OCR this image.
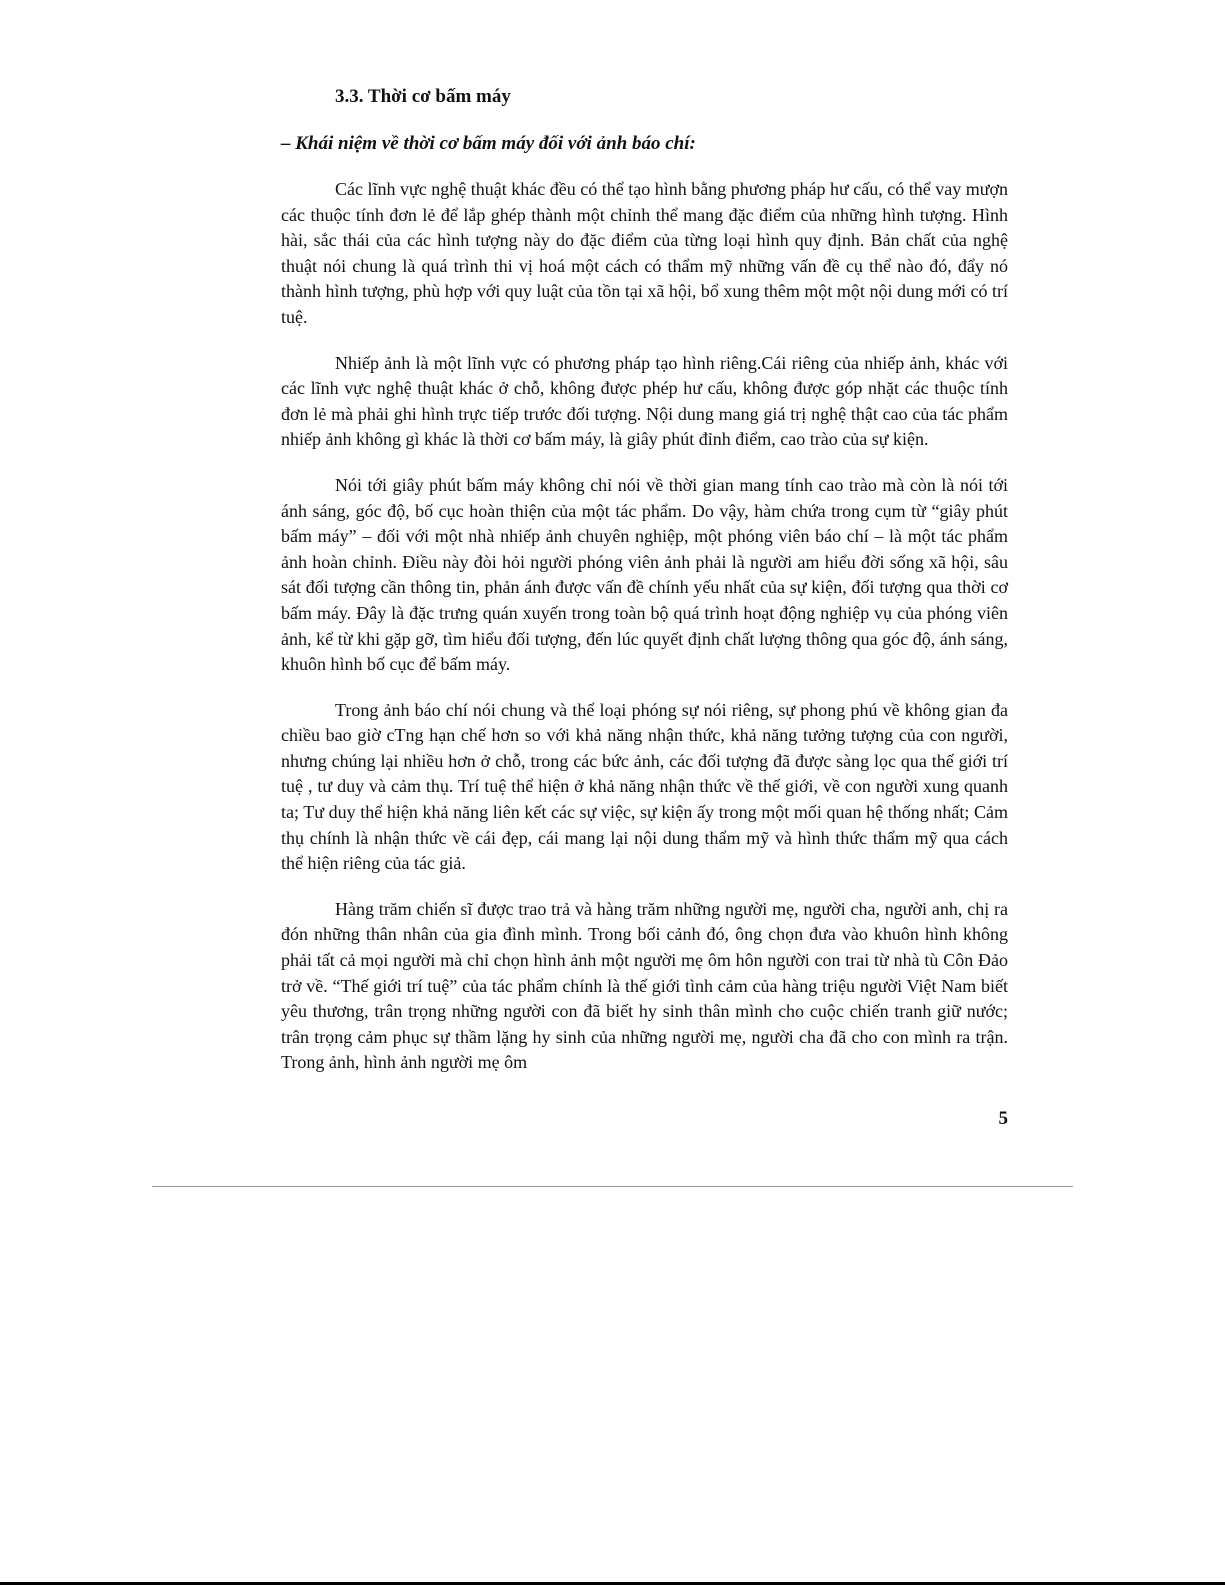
3.3. Thời cơ bấm máy

– Khái niệm về thời cơ bấm máy đối với ảnh báo chí:

Các lĩnh vực nghệ thuật khác đều có thể tạo hình bằng phương pháp hư cấu, có thể vay mượn các thuộc tính đơn lẻ để lắp ghép thành một chỉnh thể mang đặc điểm của những hình tượng. Hình hài, sắc thái của các hình tượng này do đặc điểm của từng loại hình quy định. Bản chất của nghệ thuật nói chung là quá trình thi vị hoá một cách có thẩm mỹ những vấn đề cụ thể nào đó, đẩy nó thành hình tượng, phù hợp với quy luật của tồn tại xã hội, bổ xung thêm một một nội dung mới có trí tuệ.

Nhiếp ảnh là một lĩnh vực có phương pháp tạo hình riêng.Cái riêng của nhiếp ảnh, khác với các lĩnh vực nghệ thuật khác ở chỗ, không được phép hư cấu, không được góp nhặt các thuộc tính đơn lẻ mà phải ghi hình trực tiếp trước đối tượng. Nội dung mang giá trị nghệ thật cao của tác phẩm nhiếp ảnh không gì khác là thời cơ bấm máy, là giây phút đỉnh điểm, cao trào của sự kiện.

Nói tới giây phút bấm máy không chỉ nói về thời gian mang tính cao trào mà còn là nói tới ánh sáng, góc độ, bố cục hoàn thiện của một tác phẩm. Do vậy, hàm chứa trong cụm từ “giây phút bấm máy” – đối với một nhà nhiếp ảnh chuyên nghiệp, một phóng viên báo chí – là một tác phẩm ảnh hoàn chỉnh. Điều này đòi hỏi người phóng viên ảnh phải là người am hiểu đời sống xã hội, sâu sát đối tượng cần thông tin, phản ánh được vấn đề chính yếu nhất của sự kiện, đối tượng qua thời cơ bấm máy. Đây là đặc trưng quán xuyến trong toàn bộ quá trình hoạt động nghiệp vụ của phóng viên ảnh, kể từ khi gặp gỡ, tìm hiểu đối tượng, đến lúc quyết định chất lượng thông qua góc độ, ánh sáng, khuôn hình bố cục để bấm máy.

Trong ảnh báo chí nói chung và thể loại phóng sự nói riêng, sự phong phú về không gian đa chiều bao giờ cTng hạn chế hơn so với khả năng nhận thức, khả năng tưởng tượng của con người, nhưng chúng lại nhiều hơn ở chỗ, trong các bức ảnh, các đối tượng đã được sàng lọc qua thế giới trí tuệ , tư duy và cảm thụ. Trí tuệ thể hiện ở khả năng nhận thức về thế giới, về con người xung quanh ta; Tư duy thể hiện khả năng liên kết các sự việc, sự kiện ấy trong một mối quan hệ thống nhất; Cảm thụ chính là nhận thức về cái đẹp, cái mang lại nội dung thẩm mỹ và hình thức thẩm mỹ qua cách thể hiện riêng của tác giả.

Hàng trăm chiến sĩ được trao trả và hàng trăm những người mẹ, người cha, người anh, chị ra đón những thân nhân của gia đình mình. Trong bối cảnh đó, ông chọn đưa vào khuôn hình không phải tất cả mọi người mà chỉ chọn hình ảnh một người mẹ ôm hôn người con trai từ nhà tù Côn Đảo trở về. “Thế giới trí tuệ” của tác phẩm chính là thế giới tình cảm của hàng triệu người Việt Nam biết yêu thương, trân trọng những người con đã biết hy sinh thân mình cho cuộc chiến tranh giữ nước; trân trọng cảm phục sự thầm lặng hy sinh của những người mẹ, người cha đã cho con mình ra trận. Trong ảnh, hình ảnh người mẹ ôm

5
